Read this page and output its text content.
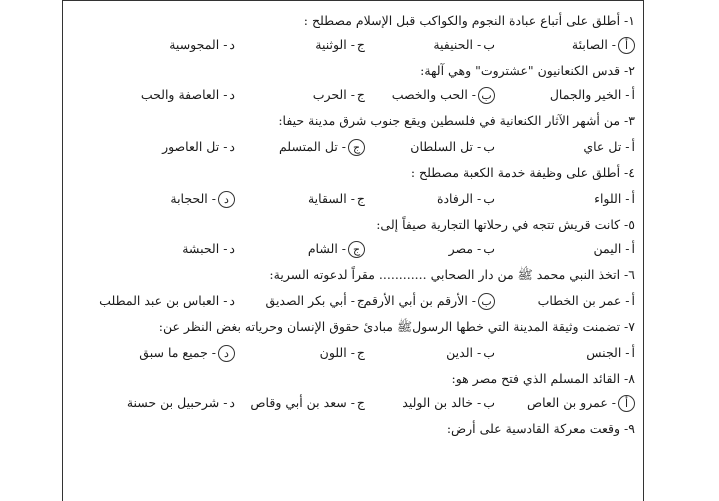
١- أطلق على أتباع عبادة النجوم والكواكب قبل الإسلام مصطلح :
أ- الصابئة
ب- الحنيفية
ج- الوثنية
د- المجوسية
٢- قدس الكنعانيون "عشتروت" وهي آلهة:
أ- الخير والجمال
ب- الحب والخصب
ج- الحرب
د- العاصفة والحب
٣- من أشهر الآثار الكنعانية في فلسطين ويقع جنوب شرق مدينة حيفا:
أ- تل عاي
ب- تل السلطان
ج- تل المتسلم
د- تل العاصور
٤- أطلق على وظيفة خدمة الكعبة مصطلح :
أ- اللواء
ب- الرفادة
ج- السقاية
د- الحجابة
٥- كانت قريش تتجه في رحلاتها التجارية صيفاً إلى:
أ- اليمن
ب- مصر
ج- الشام
د- الحبشة
٦- اتخذ النبي محمد ﷺ من دار الصحابي ............ مقراً لدعوته السرية:
أ- عمر بن الخطاب
ب- الأرقم بن أبي الأرقم
ج- أبي بكر الصديق
د- العباس بن عبد المطلب
٧- تضمنت وثيقة المدينة التي خطها الرسولﷺ مبادئ حقوق الإنسان وحرياته بغض النظر عن:
أ- الجنس
ب- الدين
ج- اللون
د- جميع ما سبق
٨- القائد المسلم الذي فتح مصر هو:
أ- عمرو بن العاص
ب- خالد بن الوليد
ج- سعد بن أبي وقاص
د- شرحبيل بن حسنة
٩- وقعت معركة القادسية على أرض:
